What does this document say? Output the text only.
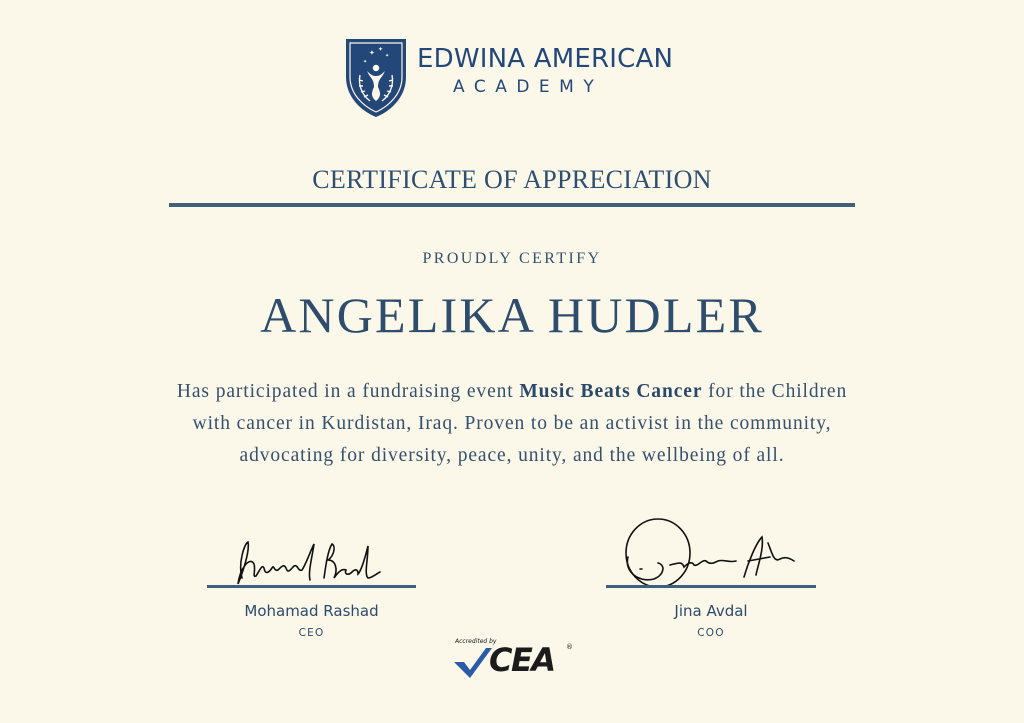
✦ ✦
✦
✦ EDWINA AMERICAN
ACADEMY
CERTIFICATE OF APPRECIATION
PROUDLY CERTIFY
ANGELIKA HUDLER
Has participated in a fundraising event Music Beats Cancer for the Children with cancer in Kurdistan, Iraq. Proven to be an activist in the community, advocating for diversity, peace, unity, and the wellbeing of all.
Mohamad Rashad
CEO
Jina Avdal
COO
Accredited by
CEA ®
